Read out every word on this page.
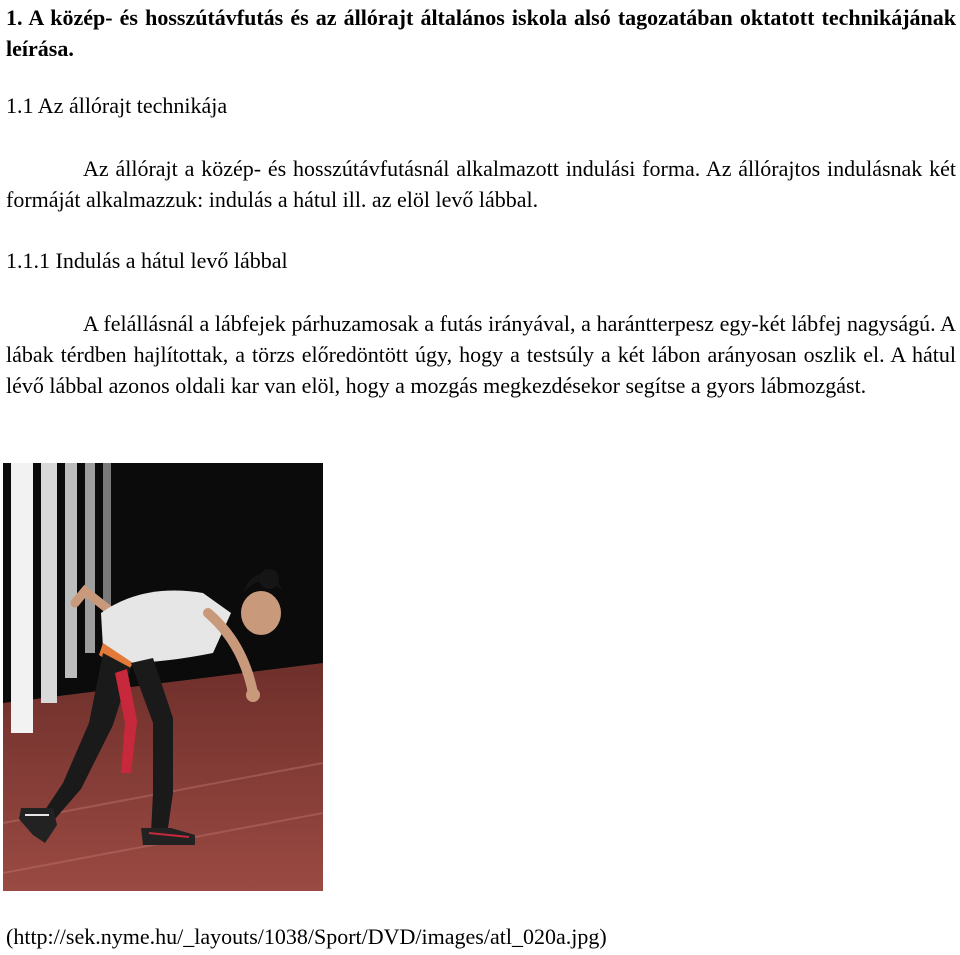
1. A közép- és hosszútávfutás és az állórajt általános iskola alsó tagozatában oktatott technikájának leírása.
1.1 Az állórajt technikája
Az állórajt a közép- és hosszútávfutásnál alkalmazott indulási forma. Az állórajtos indulásnak két formáját alkalmazzuk: indulás a hátul ill. az elöl levő lábbal.
1.1.1 Indulás a hátul levő lábbal
A felállásnál a lábfejek párhuzamosak a futás irányával, a harántterpesz egy-két lábfej nagyságú. A lábak térdben hajlítottak, a törzs előredöntött úgy, hogy a testsúly a két lábon arányosan oszlik el. A hátul lévő lábbal azonos oldali kar van elöl, hogy a mozgás megkezdésekor segítse a gyors lábmozgást.
(http://sek.nyme.hu/_layouts/1038/Sport/DVD/images/atl_020a.jpg)
